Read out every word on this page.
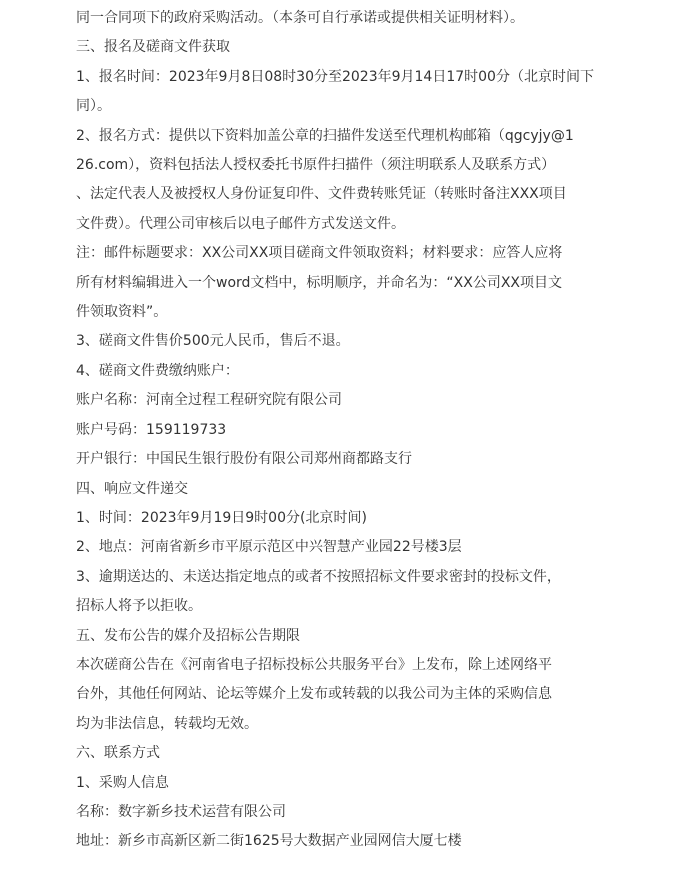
同一合同项下的政府采购活动。（本条可自行承诺或提供相关证明材料）。

三、报名及磋商文件获取

1、报名时间：2023年9月8日08时30分至2023年9月14日17时00分（北京时间下

同）。

2、报名方式：提供以下资料加盖公章的扫描件发送至代理机构邮箱（qgcyjy@1

26.com），资料包括法人授权委托书原件扫描件（须注明联系人及联系方式）

、法定代表人及被授权人身份证复印件、文件费转账凭证（转账时备注XXX项目

文件费）。代理公司审核后以电子邮件方式发送文件。

注：邮件标题要求：XX公司XX项目磋商文件领取资料；材料要求：应答人应将

所有材料编辑进入一个word文档中，标明顺序，并命名为：“XX公司XX项目文

件领取资料”。

3、磋商文件售价500元人民币，售后不退。

4、磋商文件费缴纳账户：

账户名称：河南全过程工程研究院有限公司

账户号码：159119733

开户银行：中国民生银行股份有限公司郑州商都路支行

四、响应文件递交

1、时间：2023年9月19日9时00分(北京时间)

2、地点：河南省新乡市平原示范区中兴智慧产业园22号楼3层

3、逾期送达的、未送达指定地点的或者不按照招标文件要求密封的投标文件，

招标人将予以拒收。

五、发布公告的媒介及招标公告期限

本次磋商公告在《河南省电子招标投标公共服务平台》上发布，除上述网络平

台外，其他任何网站、论坛等媒介上发布或转载的以我公司为主体的采购信息

均为非法信息，转载均无效。

六、联系方式

1、采购人信息

名称：数字新乡技术运营有限公司

地址：新乡市高新区新二街1625号大数据产业园网信大厦七楼
